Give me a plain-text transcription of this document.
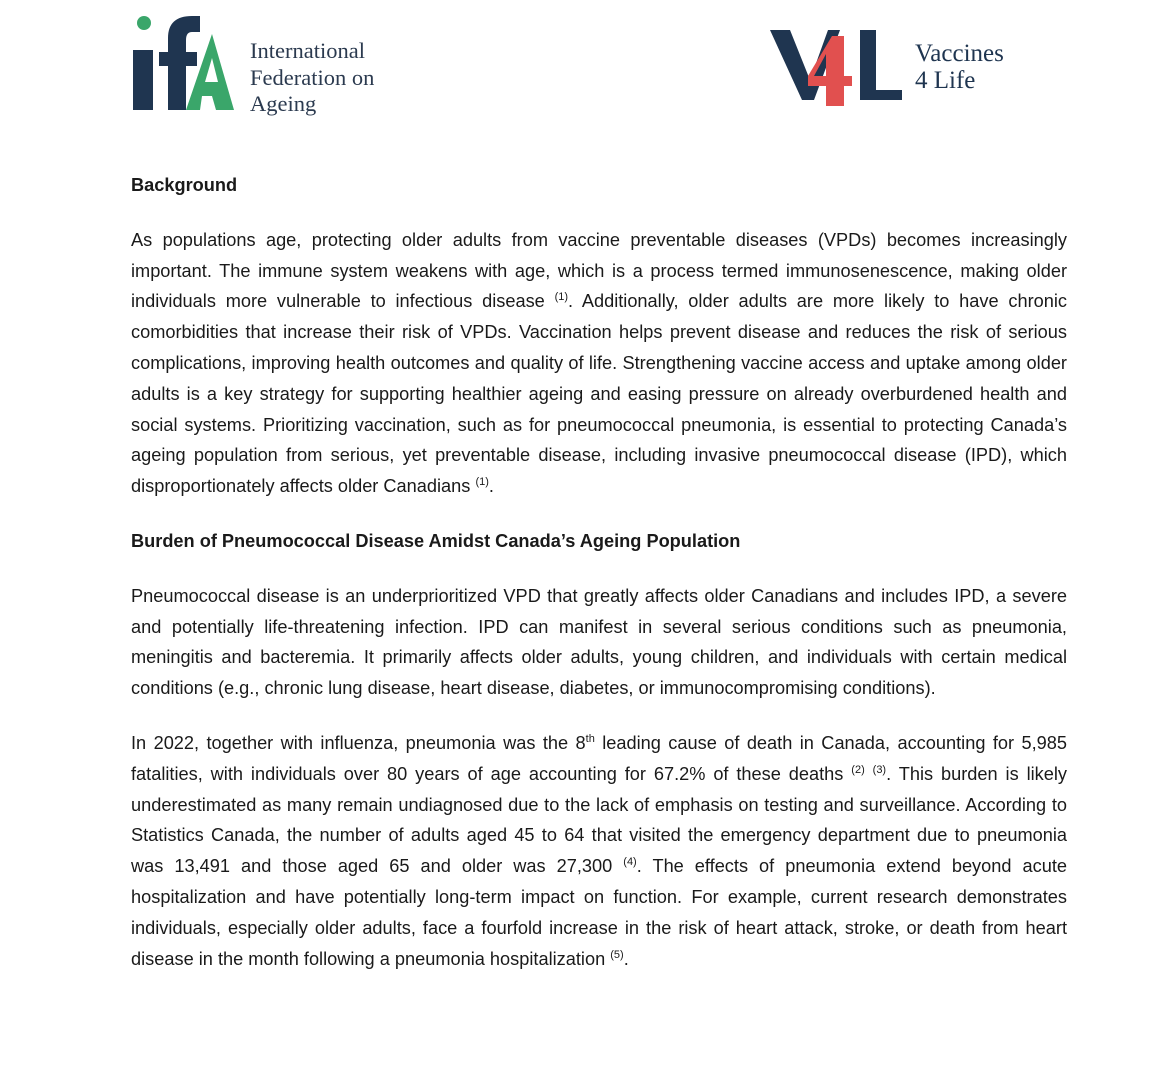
International
Federation on
Ageing
Vaccines
4 Life

Background

As populations age, protecting older adults from vaccine preventable diseases (VPDs) becomes increasingly important. The immune system weakens with age, which is a process termed immunosenescence, making older individuals more vulnerable to infectious disease $^{(1)}$. Additionally, older adults are more likely to have chronic comorbidities that increase their risk of VPDs. Vaccination helps prevent disease and reduces the risk of serious complications, improving health outcomes and quality of life. Strengthening vaccine access and uptake among older adults is a key strategy for supporting healthier ageing and easing pressure on already overburdened health and social systems. Prioritizing vaccination, such as for pneumococcal pneumonia, is essential to protecting Canada’s ageing population from serious, yet preventable disease, including invasive pneumococcal disease (IPD), which disproportionately affects older Canadians $^{(1)}$.

Burden of Pneumococcal Disease Amidst Canada’s Ageing Population

Pneumococcal disease is an underprioritized VPD that greatly affects older Canadians and includes IPD, a severe and potentially life-threatening infection. IPD can manifest in several serious conditions such as pneumonia, meningitis and bacteremia. It primarily affects older adults, young children, and individuals with certain medical conditions (e.g., chronic lung disease, heart disease, diabetes, or immunocompromising conditions).

In 2022, together with influenza, pneumonia was the 8th leading cause of death in Canada, accounting for 5,985 fatalities, with individuals over 80 years of age accounting for 67.2% of these deaths $^{(2)}$ $^{(3)}$. This burden is likely underestimated as many remain undiagnosed due to the lack of emphasis on testing and surveillance. According to Statistics Canada, the number of adults aged 45 to 64 that visited the emergency department due to pneumonia was 13,491 and those aged 65 and older was 27,300 $^{(4)}$. The effects of pneumonia extend beyond acute hospitalization and have potentially long-term impact on function. For example, current research demonstrates individuals, especially older adults, face a fourfold increase in the risk of heart attack, stroke, or death from heart disease in the month following a pneumonia hospitalization $^{(5)}$.
